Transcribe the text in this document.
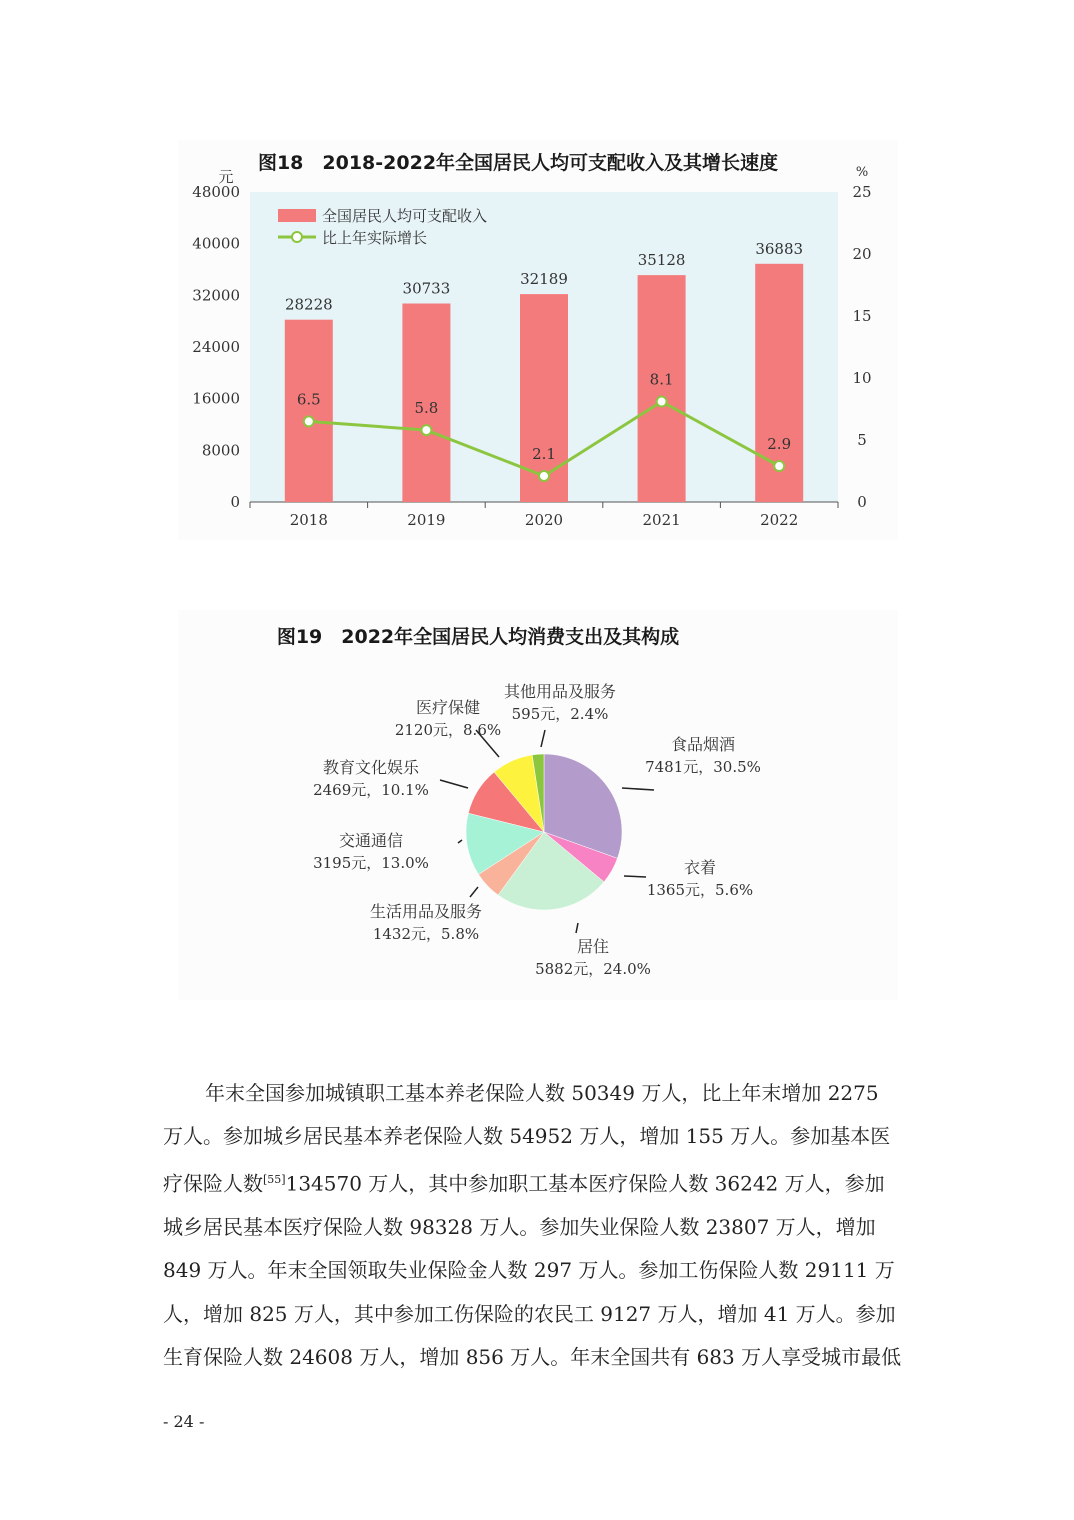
图18　2018-2022年全国居民人均可支配收入及其增长速度
0
8000
16000
24000
32000
40000
48000
元
0
5
10
15
20
25
%
28228
2018
30733
2019
32189
2020
35128
2021
36883
2022
6.5	5.8
2.1
8.1
2.9
全国居民人均可支配收入
比上年实际增长
图19　2022年全国居民人均消费支出及其构成
食品烟酒
7481元，30.5%
衣着
1365元，5.6%
居住
5882元，24.0%
生活用品及服务
1432元，5.8%
交通通信
3195元，13.0%
教育文化娱乐
2469元，10.1%
医疗保健
2120元，8.6%
其他用品及服务
595元，2.4%

年末全国参加城镇职工基本养老保险人数 50349 万人，比上年末增加 2275

万人。参加城乡居民基本养老保险人数 54952 万人，增加 155 万人。参加基本医

疗保险人数[55]134570 万人，其中参加职工基本医疗保险人数 36242 万人，参加

城乡居民基本医疗保险人数 98328 万人。参加失业保险人数 23807 万人，增加

849 万人。年末全国领取失业保险金人数 297 万人。参加工伤保险人数 29111 万

人，增加 825 万人，其中参加工伤保险的农民工 9127 万人，增加 41 万人。参加

生育保险人数 24608 万人，增加 856 万人。年末全国共有 683 万人享受城市最低

- 24 -
